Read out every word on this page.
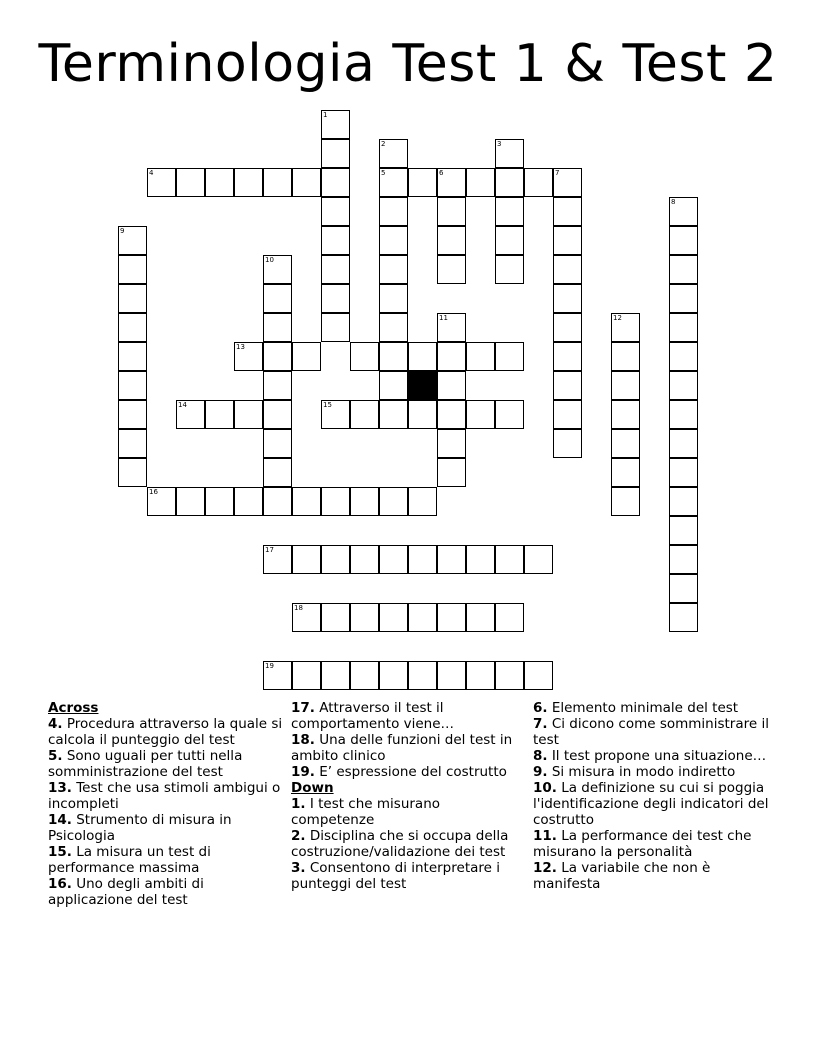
Terminologia Test 1 & Test 2
1
2
5
3
4	6	7
8
9
10
11	12
13
14	15
16
17
18
19

Across

4. Procedura attraverso la quale si calcola il punteggio del test

5. Sono uguali per tutti nella somministrazione del test

13. Test che usa stimoli ambigui o incompleti

14. Strumento di misura in Psicologia

15. La misura un test di performance massima

16. Uno degli ambiti di applicazione del test

17. Attraverso il test il comportamento viene…

18. Una delle funzioni del test in ambito clinico

19. E’ espressione del costrutto

Down

1. I test che misurano competenze

2. Disciplina che si occupa della costruzione/validazione dei test

3. Consentono di interpretare i punteggi del test

6. Elemento minimale del test

7. Ci dicono come somministrare il test

8. Il test propone una situazione…

9. Si misura in modo indiretto

10. La definizione su cui si poggia l'identificazione degli indicatori del costrutto

11. La performance dei test che misurano la personalità

12. La variabile che non è manifesta
